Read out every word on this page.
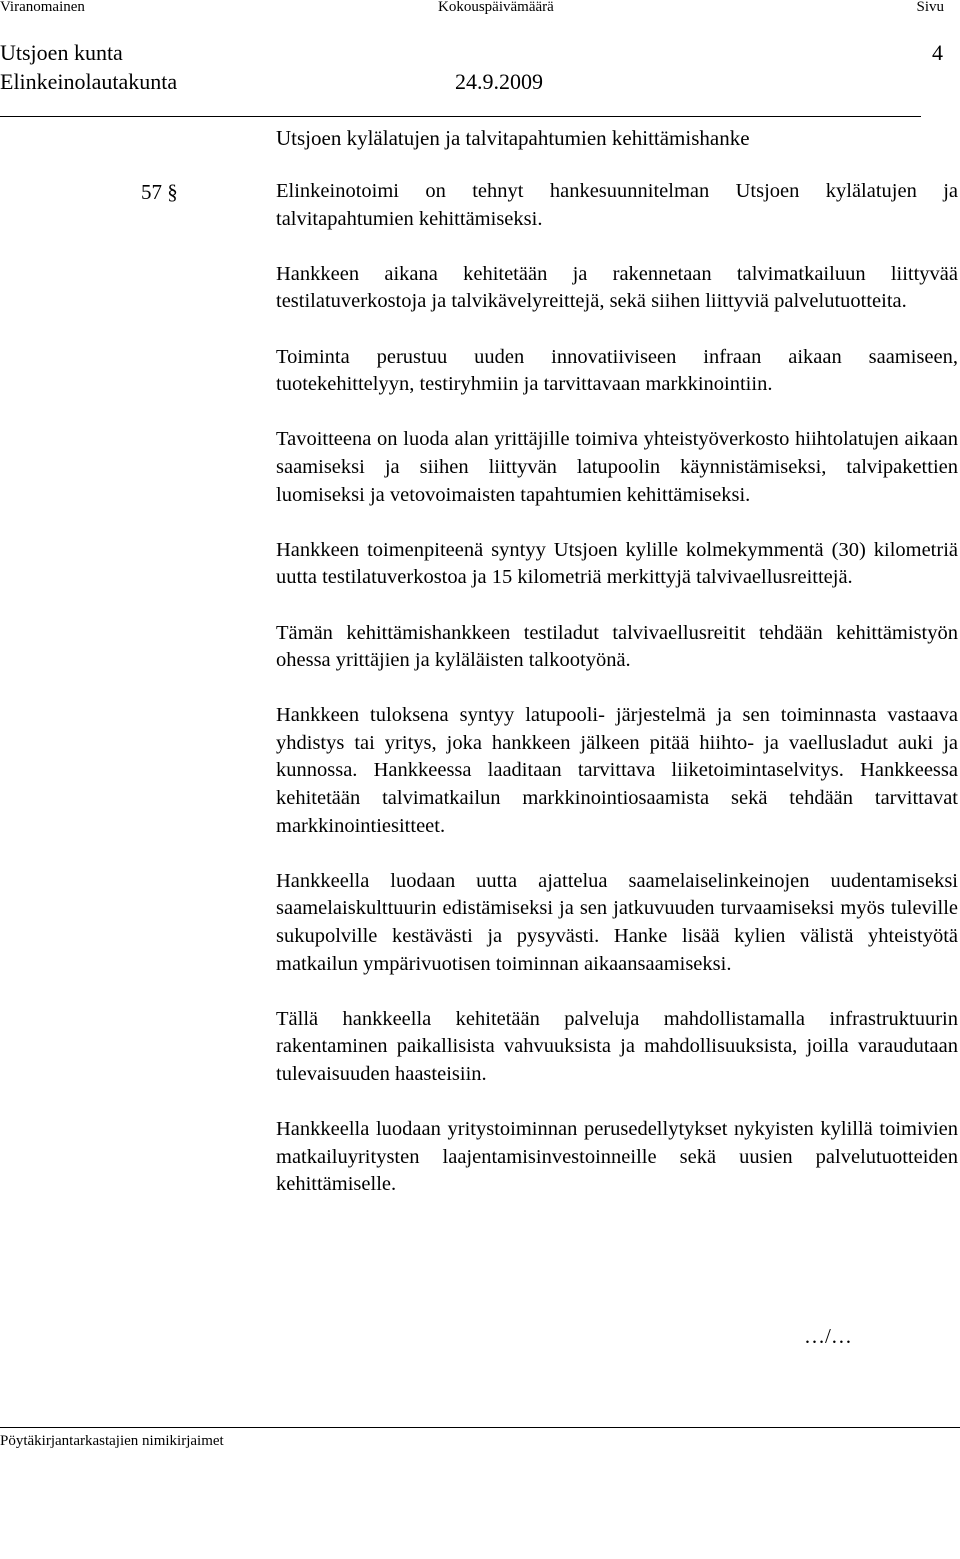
Viranomainen	Kokouspäivämäärä	Sivu
Utsjoen kunta	4
Elinkeinolautakunta	24.9.2009
Utsjoen kylälatujen ja talvitapahtumien kehittämishanke
57 §	Elinkeinotoimi on tehnyt hankesuunnitelman Utsjoen kylälatujen ja talvitapahtumien kehittämiseksi.

Hankkeen aikana kehitetään ja rakennetaan talvimatkailuun liittyvää testilatuverkostoja ja talvikävelyreittejä, sekä siihen liittyviä palvelutuotteita.

Toiminta perustuu uuden innovatiiviseen infraan aikaan saamiseen, tuotekehittelyyn, testiryhmiin ja tarvittavaan markkinointiin.

Tavoitteena on luoda alan yrittäjille toimiva yhteistyöverkosto hiihtolatujen aikaan saamiseksi ja siihen liittyvän latupoolin käynnistämiseksi, talvipakettien luomiseksi ja vetovoimaisten tapahtumien kehittämiseksi.

Hankkeen toimenpiteenä syntyy Utsjoen kylille kolmekymmentä (30) kilometriä uutta testilatuverkostoa ja 15 kilometriä merkittyjä talvivaellusreittejä.

Tämän kehittämishankkeen testiladut talvivaellusreitit tehdään kehittämistyön ohessa yrittäjien ja kyläläisten talkootyönä.

Hankkeen tuloksena syntyy latupooli- järjestelmä ja sen toiminnasta vastaava yhdistys tai yritys, joka hankkeen jälkeen pitää hiihto- ja vaellusladut auki ja kunnossa. Hankkeessa laaditaan tarvittava liiketoimintaselvitys. Hankkeessa kehitetään talvimatkailun markkinointiosaamista sekä tehdään tarvittavat markkinointiesitteet.

Hankkeella luodaan uutta ajattelua saamelaiselinkeinojen uudentamiseksi saamelaiskulttuurin edistämiseksi ja sen jatkuvuuden turvaamiseksi myös tuleville sukupolville kestävästi ja pysyvästi. Hanke lisää kylien välistä yhteistyötä matkailun ympärivuotisen toiminnan aikaansaamiseksi.

Tällä hankkeella kehitetään palveluja mahdollistamalla infrastruktuurin rakentaminen paikallisista vahvuuksista ja mahdollisuuksista, joilla varaudutaan tulevaisuuden haasteisiin.

Hankkeella luodaan yritystoiminnan perusedellytykset nykyisten kylillä toimivien matkailuyritysten laajentamisinvestoinneille sekä uusien palvelutuotteiden kehittämiselle.

…/…
Pöytäkirjantarkastajien nimikirjaimet
